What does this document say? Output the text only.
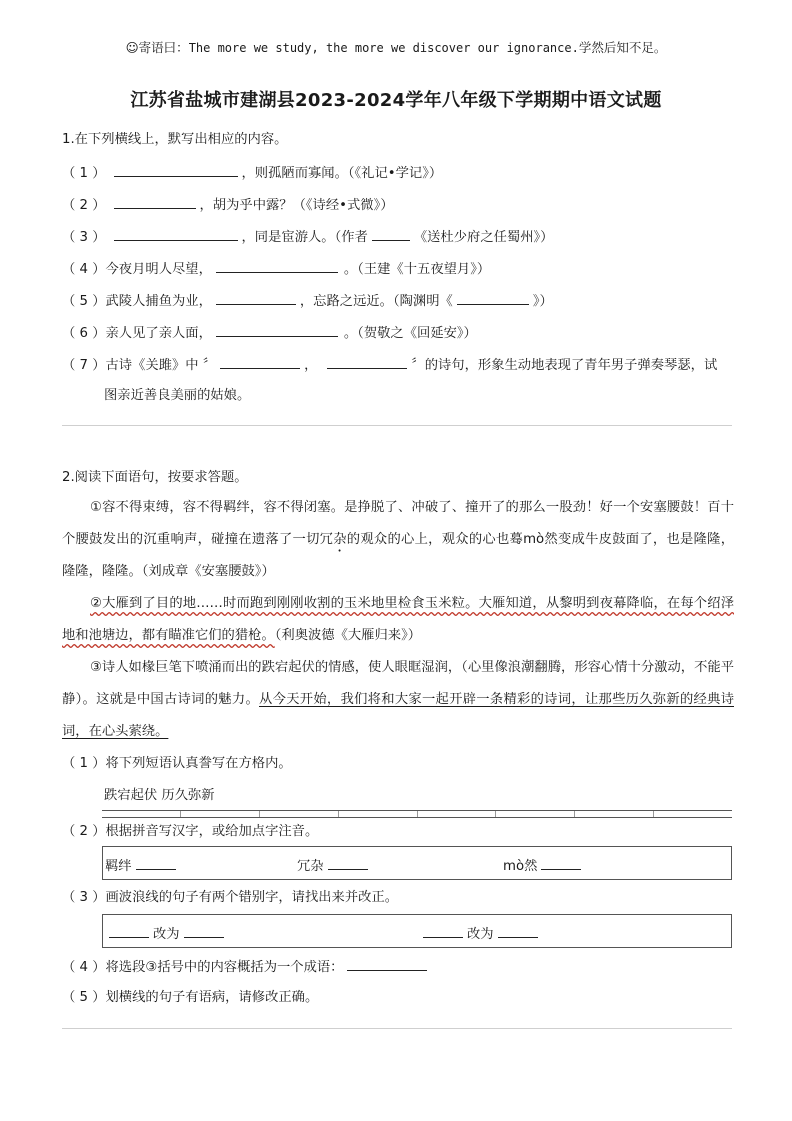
☺寄语曰：The more we study, the more we discover our ignorance.学然后知不足。
江苏省盐城市建湖县2023-2024学年八年级下学期期中语文试题
1.在下列横线上，默写出相应的内容。
（ 1 ）	，则孤陋而寡闻。（《礼记•学记》）
（ 2 ）	，胡为乎中露？（《诗经•式微》）
（ 3 ）	，同是宦游人。（作者	《送杜少府之任蜀州》）
（ 4 ）今夜月明人尽望，	。（王建《十五夜望月》）
（ 5 ）武陵人捕鱼为业，	，忘路之远近。（陶渊明《	》）
（ 6 ）亲人见了亲人面，	。（贺敬之《回延安》）
（ 7 ）古诗《关雎》中 〞	，	〞的诗句，形象生动地表现了青年男子弹奏琴瑟，试
图亲近善良美丽的姑娘。
2.阅读下面语句，按要求答题。
①容不得束缚，容不得羁绊，容不得闭塞。是挣脱了、冲破了、撞开了的那么一股劲！好一个安塞腰鼓！百十个腰鼓发出的沉重响声，碰撞在遗落了一切冗杂的观众的心上，观众的心也蓦mò然变成牛皮鼓面了，也是隆隆，隆隆，隆隆。（刘成章《安塞腰鼓》）
②大雁到了目的地……时而跑到刚刚收割的玉米地里检食玉米粒。大雁知道，从黎明到夜幕降临，在每个绍泽地和池塘边，都有瞄准它们的猎枪。（利奥波德《大雁归来》）
③诗人如椽巨笔下喷涌而出的跌宕起伏的情感，使人眼眶湿润，（心里像浪潮翻腾，形容心情十分激动，不能平静）。这就是中国古诗词的魅力。从今天开始，我们将和大家一起开辟一条精彩的诗词，让那些历久弥新的经典诗词，在心头萦绕。
（ 1 ）将下列短语认真誊写在方格内。
跌宕起伏 历久弥新
（ 2 ）根据拼音写汉字，或给加点字注音。
羁绊	冗杂	mò然
（ 3 ）画波浪线的句子有两个错别字，请找出来并改正。
改为	改为
（ 4 ）将选段③括号中的内容概括为一个成语：
（ 5 ）划横线的句子有语病，请修改正确。
